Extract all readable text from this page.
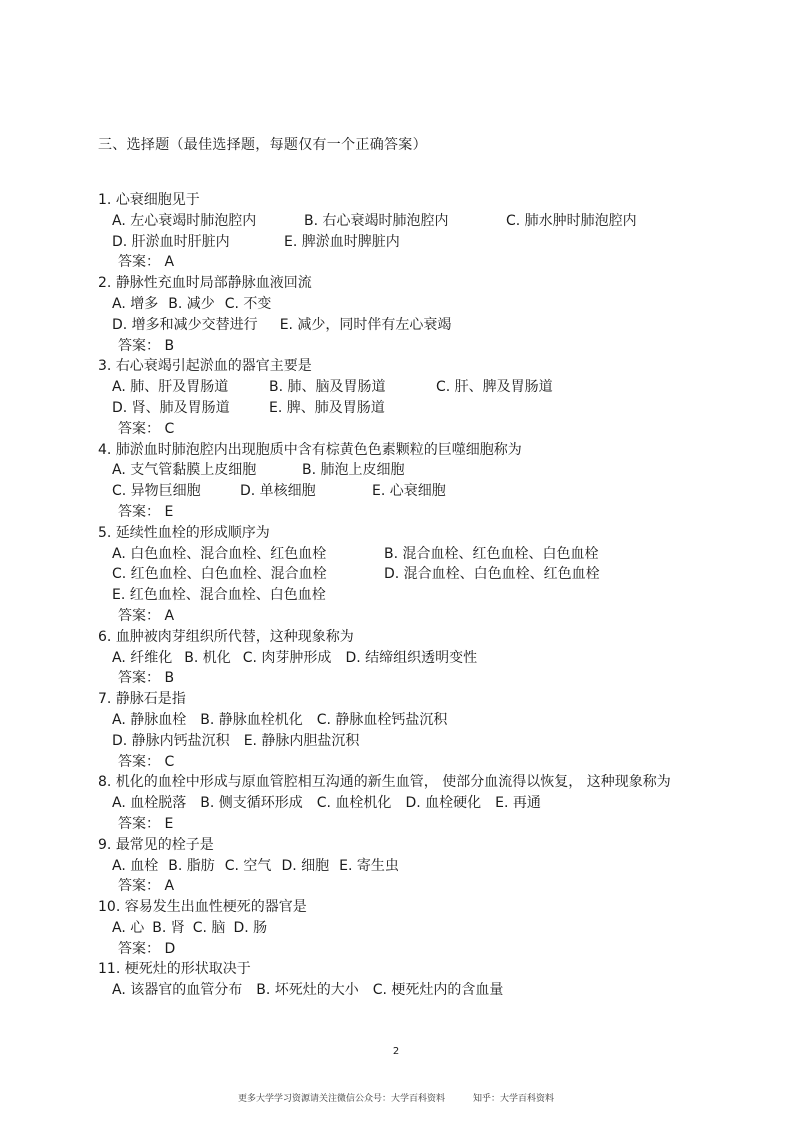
三、选择题（最佳选择题，每题仅有一个正确答案）
1. 心衰细胞见于
A. 左心衰竭时肺泡腔内	B. 右心衰竭时肺泡腔内	C. 肺水肿时肺泡腔内
D. 肝淤血时肝脏内	E. 脾淤血时脾脏内
答案： A
2. 静脉性充血时局部静脉血液回流
A. 增多 B. 减少 C. 不变
D. 增多和减少交替进行 E. 减少，同时伴有左心衰竭
答案： B
3. 右心衰竭引起淤血的器官主要是
A. 肺、肝及胃肠道	B. 肺、脑及胃肠道	C. 肝、脾及胃肠道
D. 肾、肺及胃肠道	E. 脾、肺及胃肠道
答案： C
4. 肺淤血时肺泡腔内出现胞质中含有棕黄色色素颗粒的巨噬细胞称为
A. 支气管黏膜上皮细胞	B. 肺泡上皮细胞
C. 异物巨细胞	D. 单核细胞	E. 心衰细胞
答案： E
5. 延续性血栓的形成顺序为
A. 白色血栓、混合血栓、红色血栓	B. 混合血栓、红色血栓、白色血栓
C. 红色血栓、白色血栓、混合血栓	D. 混合血栓、白色血栓、红色血栓
E. 红色血栓、混合血栓、白色血栓
答案： A
6. 血肿被肉芽组织所代替，这种现象称为
A. 纤维化 B. 机化 C. 肉芽肿形成 D. 结缔组织透明变性
答案： B
7. 静脉石是指
A. 静脉血栓 B. 静脉血栓机化 C. 静脉血栓钙盐沉积
D. 静脉内钙盐沉积 E. 静脉内胆盐沉积
答案： C
8. 机化的血栓中形成与原血管腔相互沟通的新生血管， 使部分血流得以恢复， 这种现象称为
A. 血栓脱落 B. 侧支循环形成 C. 血栓机化 D. 血栓硬化 E. 再通
答案： E
9. 最常见的栓子是
A. 血栓 B. 脂肪 C. 空气 D. 细胞 E. 寄生虫
答案： A
10. 容易发生出血性梗死的器官是
A. 心 B. 肾 C. 脑 D. 肠
答案： D
11. 梗死灶的形状取决于
A. 该器官的血管分布 B. 坏死灶的大小 C. 梗死灶内的含血量
2
更多大学学习资源请关注微信公众号：大学百科资料	知乎：大学百科资料
